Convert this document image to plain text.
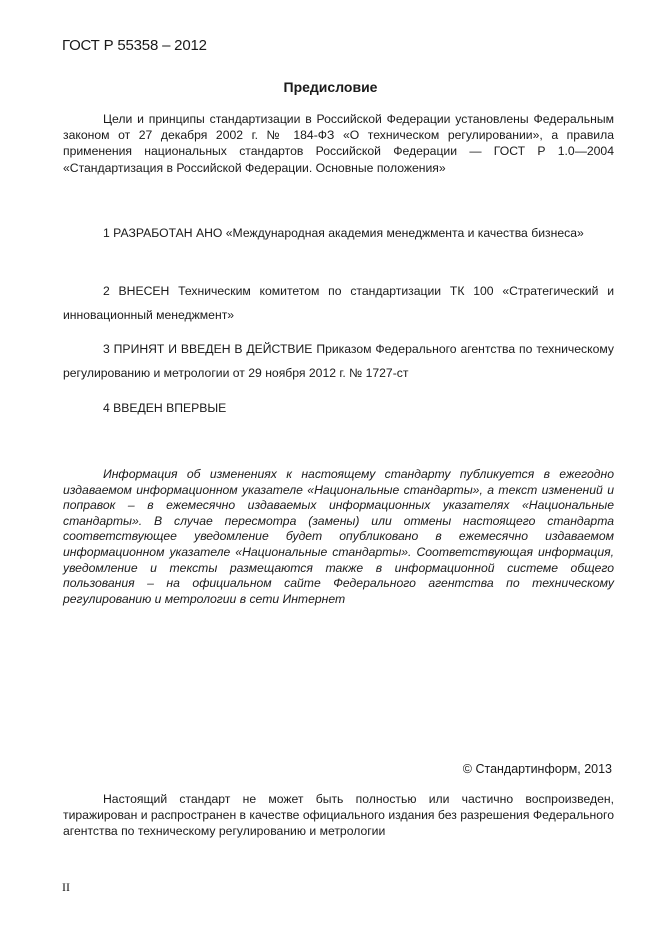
ГОСТ Р 55358 – 2012
Предисловие
Цели и принципы стандартизации в Российской Федерации установлены Федеральным законом от 27 декабря 2002 г. № 184-ФЗ «О техническом регулировании», а правила применения национальных стандартов Российской Федерации — ГОСТ Р 1.0—2004 «Стандартизация в Российской Федерации. Основные положения»
1 РАЗРАБОТАН АНО «Международная академия менеджмента и качества бизнеса»
2 ВНЕСЕН Техническим комитетом по стандартизации ТК 100 «Стратегический и инновационный менеджмент»
3 ПРИНЯТ И ВВЕДЕН В ДЕЙСТВИЕ Приказом Федерального агентства по техническому регулированию и метрологии от 29 ноября 2012 г. № 1727-ст
4 ВВЕДЕН ВПЕРВЫЕ
Информация об изменениях к настоящему стандарту публикуется в ежегодно издаваемом информационном указателе «Национальные стандарты», а текст изменений и поправок – в ежемесячно издаваемых информационных указателях «Национальные стандарты». В случае пересмотра (замены) или отмены настоящего стандарта соответствующее уведомление будет опубликовано в ежемесячно издаваемом информационном указателе «Национальные стандарты». Соответствующая информация, уведомление и тексты размещаются также в информационной системе общего пользования – на официальном сайте Федерального агентства по техническому регулированию и метрологии в сети Интернет
© Стандартинформ, 2013
Настоящий стандарт не может быть полностью или частично воспроизведен, тиражирован и распространен в качестве официального издания без разрешения Федерального агентства по техническому регулированию и метрологии
II
